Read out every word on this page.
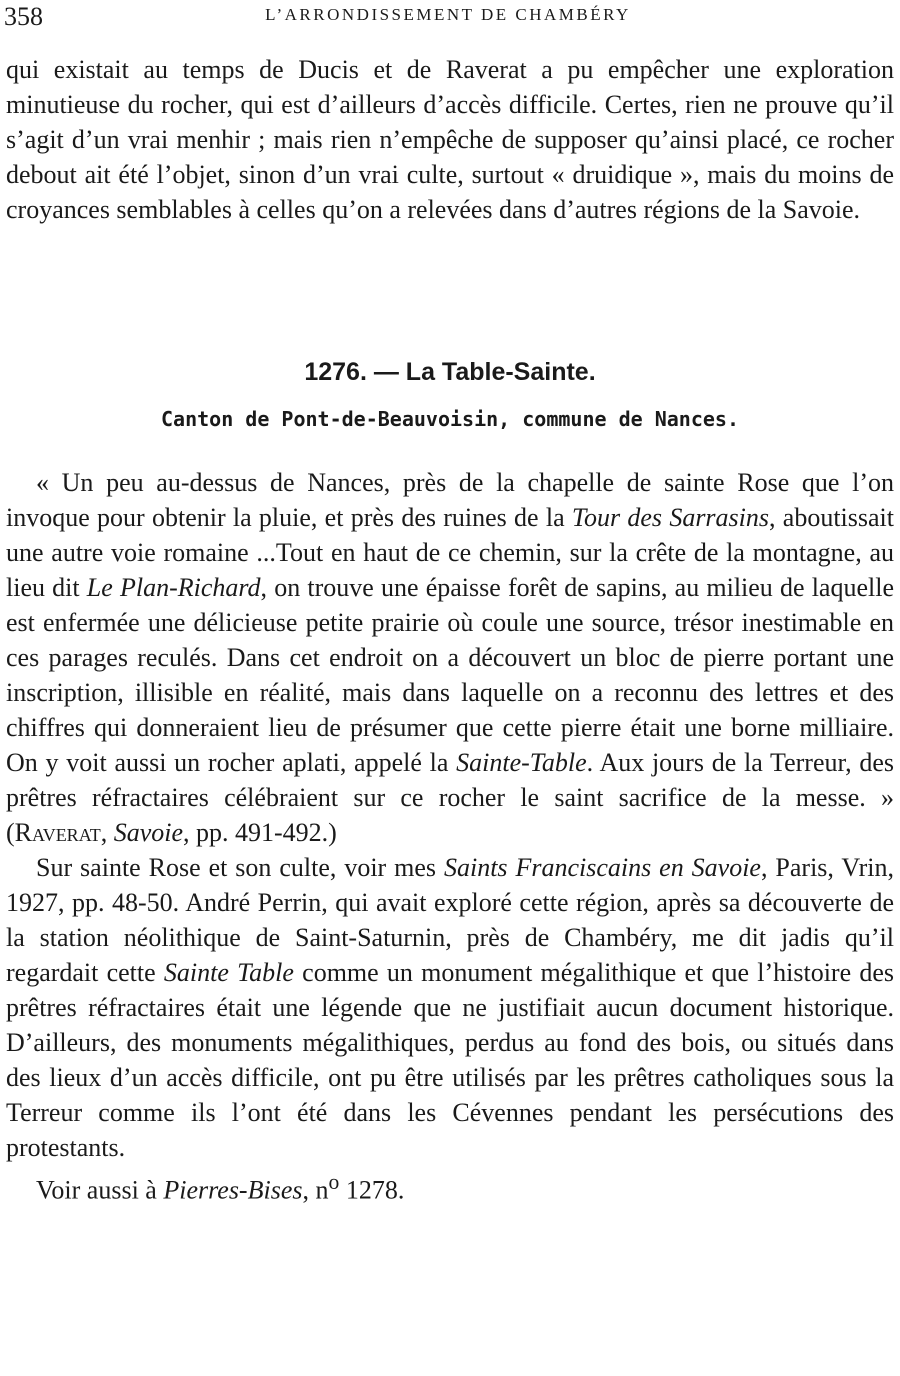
358	L’ARRONDISSEMENT DE CHAMBÉRY

qui existait au temps de Ducis et de Raverat a pu empêcher une exploration minutieuse du rocher, qui est d’ailleurs d’accès difficile. Certes, rien ne prouve qu’il s’agit d’un vrai menhir ; mais rien n’empêche de supposer qu’ainsi placé, ce rocher debout ait été l’objet, sinon d’un vrai culte, surtout « druidique », mais du moins de croyances semblables à celles qu’on a relevées dans d’autres régions de la Savoie.

1276. — La Table-Sainte.
Canton de Pont-de-Beauvoisin, commune de Nances.

« Un peu au-dessus de Nances, près de la chapelle de sainte Rose que l’on invoque pour obtenir la pluie, et près des ruines de la Tour des Sarrasins, aboutissait une autre voie romaine ...Tout en haut de ce chemin, sur la crête de la montagne, au lieu dit Le Plan-Richard, on trouve une épaisse forêt de sapins, au milieu de laquelle est enfermée une délicieuse petite prairie où coule une source, trésor inestimable en ces parages reculés. Dans cet endroit on a découvert un bloc de pierre portant une inscription, illisible en réalité, mais dans laquelle on a reconnu des lettres et des chiffres qui donneraient lieu de présumer que cette pierre était une borne milliaire. On y voit aussi un rocher aplati, appelé la Sainte-Table. Aux jours de la Terreur, des prêtres réfractaires célébraient sur ce rocher le saint sacrifice de la messe. » (Raverat, Savoie, pp. 491-492.)

Sur sainte Rose et son culte, voir mes Saints Franciscains en Savoie, Paris, Vrin, 1927, pp. 48-50. André Perrin, qui avait exploré cette région, après sa découverte de la station néolithique de Saint-Saturnin, près de Chambéry, me dit jadis qu’il regardait cette Sainte Table comme un monument mégalithique et que l’histoire des prêtres réfractaires était une légende que ne justifiait aucun document historique. D’ailleurs, des monuments mégalithiques, perdus au fond des bois, ou situés dans des lieux d’un accès difficile, ont pu être utilisés par les prêtres catholiques sous la Terreur comme ils l’ont été dans les Cévennes pendant les persécutions des protestants.

Voir aussi à Pierres-Bises, $n^o$ 1278.
